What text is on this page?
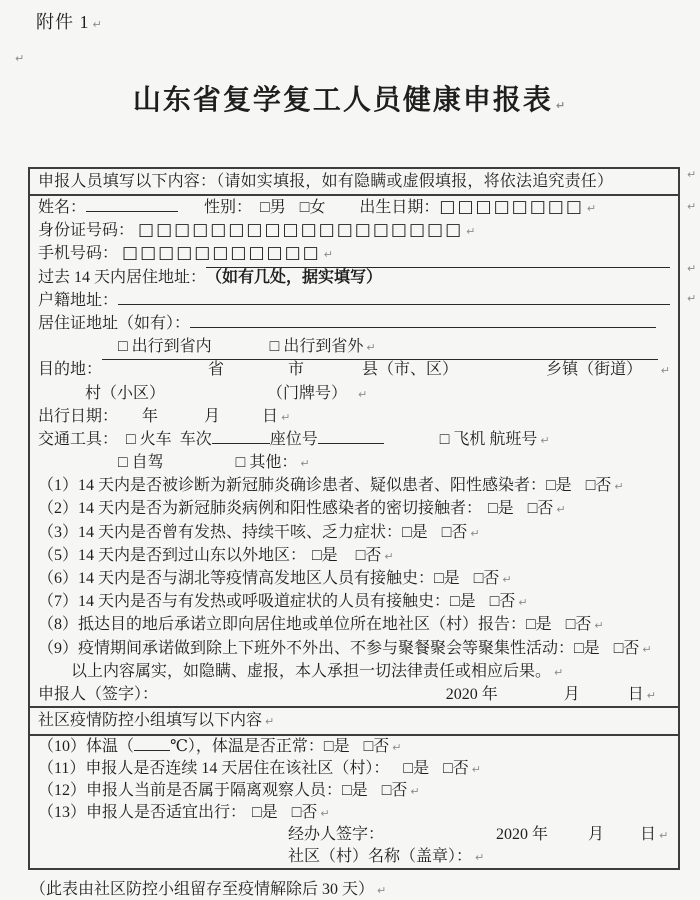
附件 1↵
↵
山东省复学复工人员健康申报表↵
↵
↵
↵
↵
申报人员填写以下内容：（请如实填报，如有隐瞒或虚假填报，将依法追究责任）
姓名：	性别： □男 □女 出生日期： □□□□□□□□
↵
身份证号码： □□□□□□□□□□□□□□□□□□
↵
手机号码： □□□□□□□□□□□
↵
过去 14 天内居住地址： （如有几处，据实填写）
户籍地址：
居住证地址（如有）：
□ 出行到省内	□ 出行到省外
↵
目的地：	省	市	县（市、区）	乡镇（街道）
↵
村（小区）	（门牌号）
↵
出行日期： 年	月	日
↵
交通工具： □ 火车 车次	座位号	□ 飞机 航班号
↵
□ 自驾	□ 其他：
↵
（1）14 天内是否被诊断为新冠肺炎确诊患者、疑似患者、阳性感染者： □是 □否
↵
（2）14 天内是否为新冠肺炎病例和阳性感染者的密切接触者： □是 □否
↵
（3）14 天内是否曾有发热、持续干咳、乏力症状： □是 □否
↵
（5）14 天内是否到过山东以外地区： □是 □否
↵
（6）14 天内是否与湖北等疫情高发地区人员有接触史： □是 □否
↵
（7）14 天内是否与有发热或呼吸道症状的人员有接触史： □是 □否
↵
（8）抵达目的地后承诺立即向居住地或单位所在地社区（村）报告： □是 □否
↵
（9）疫情期间承诺做到除上下班外不外出、不参与聚餐聚会等聚集性活动： □是 □否
↵
以上内容属实，如隐瞒、虚报，本人承担一切法律责任或相应后果。
↵
申报人（签字）：	2020 年	月	日
↵
社区疫情防控小组填写以下内容
↵
（10）体温（ ℃），体温是否正常： □是 □否
↵
（11）申报人是否连续 14 天居住在该社区（村）： □是 □否
↵
（12）申报人当前是否属于隔离观察人员： □是 □否
↵
（13）申报人是否适宜出行： □是 □否
↵
经办人签字：	2020 年	月 日
↵
社区（村）名称（盖章）：
↵
（此表由社区防控小组留存至疫情解除后 30 天）↵
